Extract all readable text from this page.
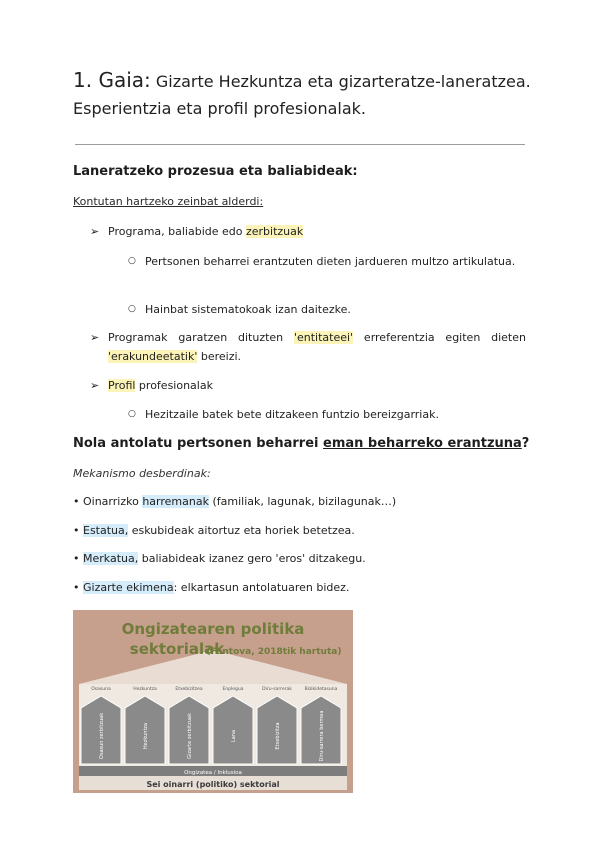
1. Gaia: Gizarte Hezkuntza eta gizarteratze-laneratzea.
Esperientzia eta profil profesionalak.
Laneratzeko prozesua eta baliabideak:
Kontutan hartzeko zeinbat alderdi:
➢ Programa, baliabide edo zerbitzuak
○ Pertsonen beharrei erantzuten dieten jardueren multzo artikulatua.
○ Hainbat sistematokoak izan daitezke.
➢ Programak garatzen dituzten 'entitateei' erreferentzia egiten dieten 'erakundeetatik' bereizi.
➢ Profil profesionalak
○ Hezitzaile batek bete ditzakeen funtzio bereizgarriak.
Nola antolatu pertsonen beharrei eman beharreko erantzuna?
Mekanismo desberdinak:
• Oinarrizko harremanak (familiak, lagunak, bizilagunak…)
• Estatua, eskubideak aitortuz eta horiek betetzea.
• Merkatua, baliabideak izanez gero 'eros' ditzakegu.
• Gizarte ekimena: elkartasun antolatuaren bidez.
Ongizatearen politika
sektorialak
(Fantova, 2018tik hartuta)
Osasuna
Osasun zerbitzuak
Hezkuntza
Hezkuntza
Etxebizitzea
Gizarte zerbitzuak
Enplegua
Lana
Diru-sarrerak
Etxebizitza
Bizikidetasuna
Diru-sarrera bermea
Ongizatea / Inklusioa
Sei oinarri (politiko) sektorial
